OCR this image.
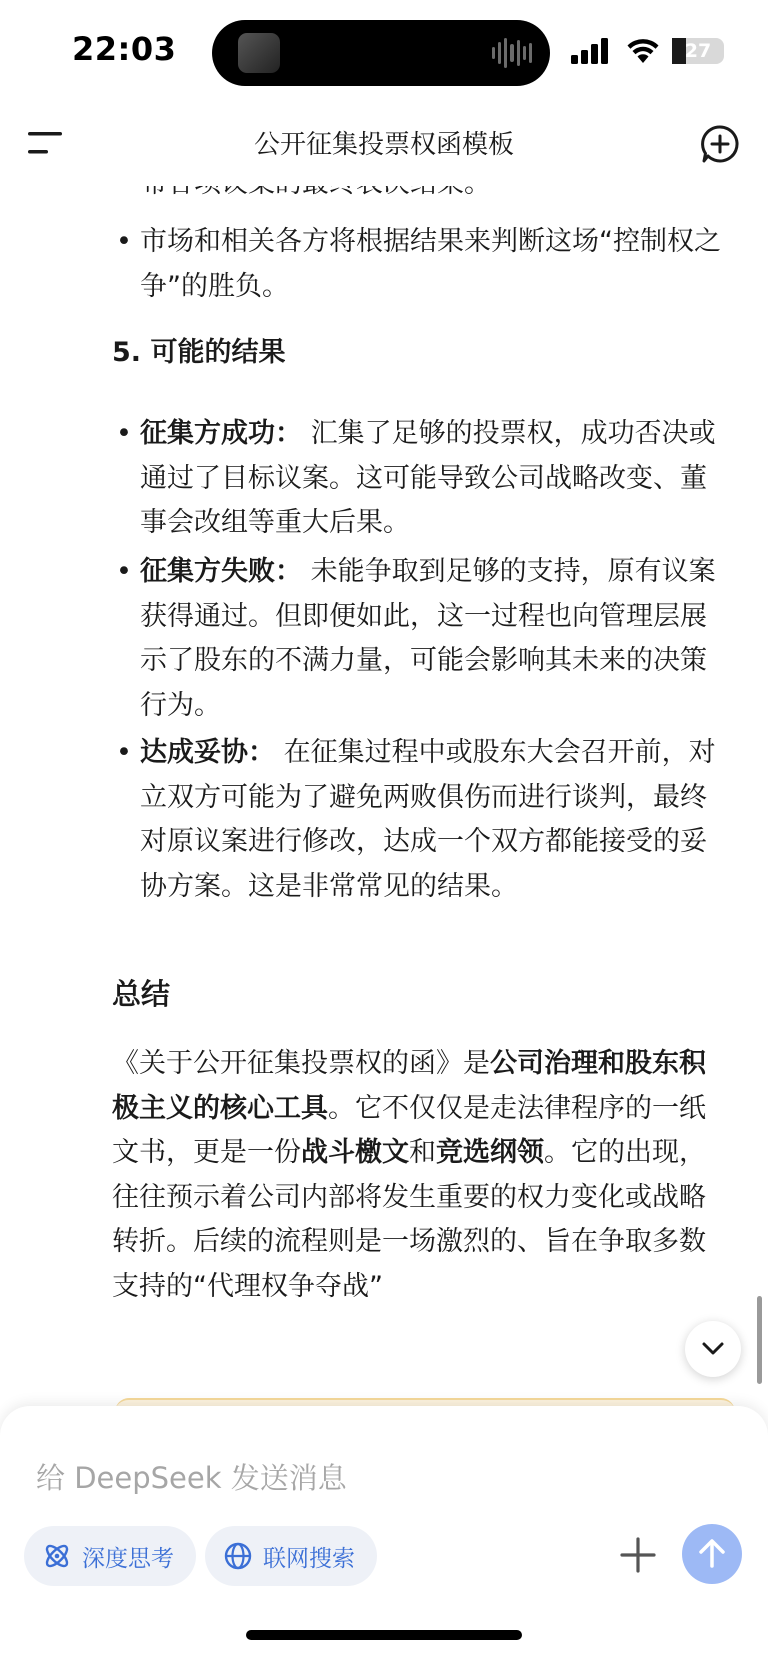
22:03	27
公开征集投票权函模板
• 市场和相关各方将根据结果来判断这场“控制权之争”的胜负。
5. 可能的结果
• 征集方成功： 汇集了足够的投票权，成功否决或通过了目标议案。这可能导致公司战略改变、董事会改组等重大后果。
• 征集方失败： 未能争取到足够的支持，原有议案获得通过。但即便如此，这一过程也向管理层展示了股东的不满力量，可能会影响其未来的决策行为。
• 达成妥协： 在征集过程中或股东大会召开前，对立双方可能为了避免两败俱伤而进行谈判，最终对原议案进行修改，达成一个双方都能接受的妥协方案。这是非常常见的结果。
总结
《关于公开征集投票权的函》是公司治理和股东积极主义的核心工具。它不仅仅是走法律程序的一纸文书，更是一份战斗檄文和竞选纲领。它的出现，往往预示着公司内部将发生重要的权力变化或战略转折。后续的流程则是一场激烈的、旨在争取多数支持的“代理权争夺战”
给 DeepSeek 发送消息
深度思考	联网搜索
